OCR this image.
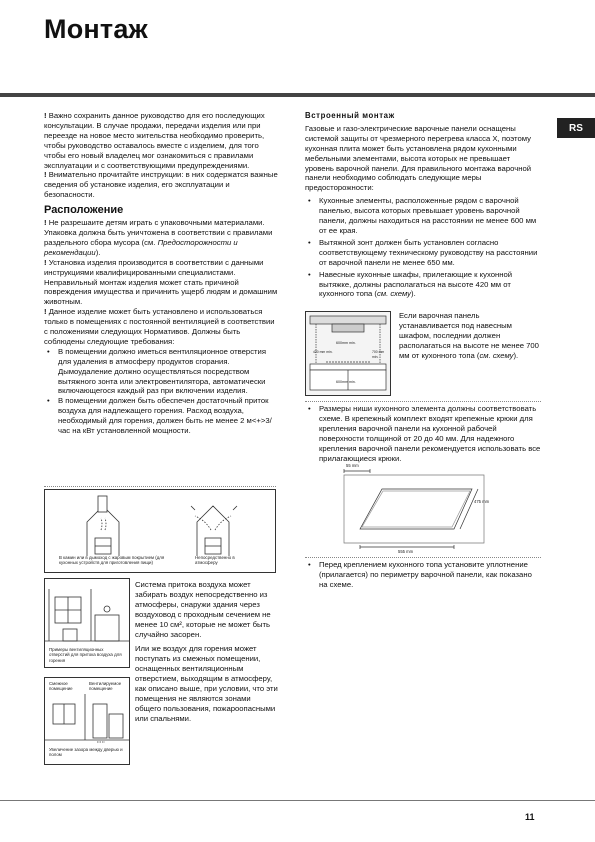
Монтаж
RS

! Важно сохранить данное руководство для его последующих консультации. В случае продажи, передачи изделия или при переезде на новое место жительства необходимо проверить, чтобы руководство оставалось вместе с изделием, для того чтобы его новый владелец мог ознакомиться с правилами эксплуатации и с соответствующими предупреждениями.

! Внимательно прочитайте инструкции: в них содержатся важные сведения об установке изделия, его эксплуатации и безопасности.

Расположение

! Не разрешаите детям играть с упаковочными материалами. Упаковка должна быть уничтожена в соответствии с правилами раздельного сбора мусора (см. Предосторожности и рекомендации).

! Установка изделия производится в соответствии с данными инструкциями квалифицированными специалистами. Неправильный монтаж изделия может стать причиной повреждения имущества и причинить ущерб людям и домашним животным.

! Данное изделие может быть установлено и использоваться только в помещениях с постоянной вентиляцией в соответствии с положениями следующих Нормативов. Должны быть соблюдены следующие требования:

• В помещении должно иметься вентиляционное отверстия для удаления в атмосферу продуктов сгорания. Дымоудаление должно осуществляться посредством вытяжного зонта или электровентилятора, автоматически включающегося каждый раз при включении изделия.
• В помещении должен быть обеспечен достаточный приток воздуха для надлежащего горения. Расход воздуха, необходимый для горения, должен быть не менее 2 м<+>3/час на кВт установленной мощности.
В камин или в дымоход с жаровым покрытием (для кухонных устройств для приготовления пищи)
Непосредственно в атмосферу
Примеры вентиляционных отверстий для притока воздуха для горения
Смежное помещение
Вентилируемое помещение
Увеличение зазора между дверью и полом

Система притока воздуха может забирать воздух непосредственно из атмосферы, снаружи здания через воздуховод с проходным сечением не менее 10 см², которые не может быть случайно засорен.

Или же воздух для горения может поступать из смежных помещении, оснащенных вентиляционным отверстием, выходящим в атмосферу, как описано выше, при условии, что эти помещения не являются зонами общего пользования, пожароопасными или спальнями.

Встроенный монтаж

Газовые и газо-электрические варочные панели оснащены системой защиты от чрезмерного перегрева класса X, поэтому кухонная плита может быть установлена рядом кухонными мебельными элементами, высота которых не превышает уровень варочной панели. Для правильного монтажа варочной панели необходимо соблюдать следующие меры предосторожности:

• Кухонные элементы, расположенные рядом с варочной панелью, высота которых превышает уровень варочной панели, должны находиться на расстоянии не менее 600 мм от ее края.
• Вытяжной зонт должен быть установлен согласно соответствующему техническому руководству на расстоянии от варочной панели не менее 650 мм.
• Навесные кухонные шкафы, прилегающие к кухонной вытяжке, должны располагаться на высоте 420 мм от кухонного топа (см. схему).
600mm min.
420 mm min.	700 mm min.
600mm min.

Если варочная панель устанавливается под навесным шкафом, последнии должен располагаться на высоте не менее 700 мм от кухонного топа (см. схему).

• Размеры ниши кухонного элемента должны соответствовать схеме. В крепежный комплект входят крепежные крюки для крепления варочной панели на кухонной рабочей поверхности толщиной от 20 до 40 мм. Для надежного крепления варочной панели рекомендуется использовать все прилагающиеся крюки.
55 mm
475 mm
555 mm
• Перед креплением кухонного топа установите уплотнение (прилагается) по периметру варочной панели, как показано на схеме.
11
